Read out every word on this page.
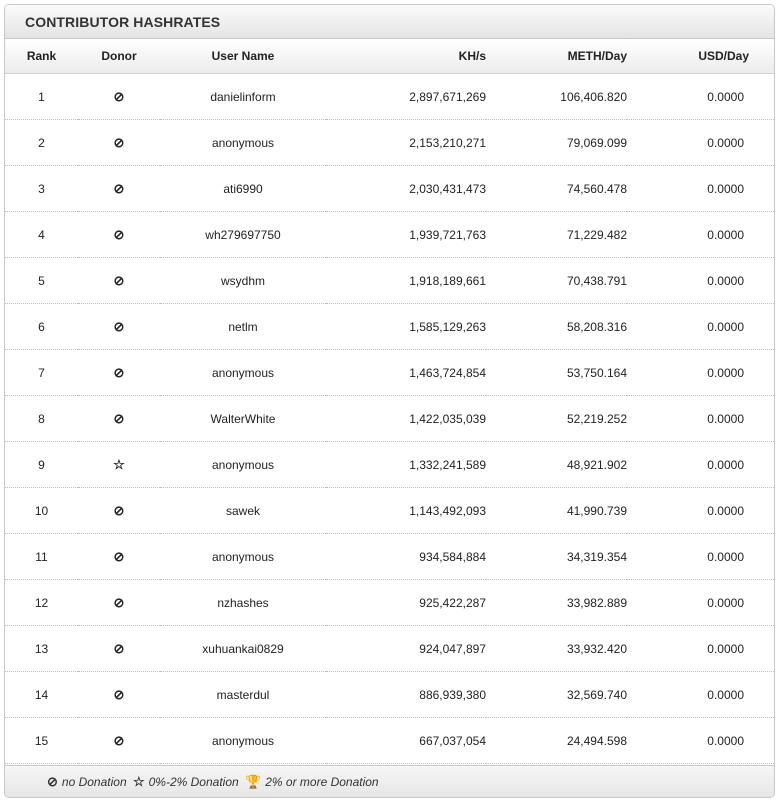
CONTRIBUTOR HASHRATES
Rank	Donor	User Name	KH/s	METH/Day	USD/Day
1	⊘	danielinform	2,897,671,269	106,406.820	0.0000
2	⊘	anonymous	2,153,210,271	79,069.099	0.0000
3	⊘	ati6990	2,030,431,473	74,560.478	0.0000
4	⊘	wh279697750	1,939,721,763	71,229.482	0.0000
5	⊘	wsydhm	1,918,189,661	70,438.791	0.0000
6	⊘	netlm	1,585,129,263	58,208.316	0.0000
7	⊘	anonymous	1,463,724,854	53,750.164	0.0000
8	⊘	WalterWhite	1,422,035,039	52,219.252	0.0000
9	☆	anonymous	1,332,241,589	48,921.902	0.0000
10	⊘	sawek	1,143,492,093	41,990.739	0.0000
11	⊘	anonymous	934,584,884	34,319.354	0.0000
12	⊘	nzhashes	925,422,287	33,982.889	0.0000
13	⊘	xuhuankai0829	924,047,897	33,932.420	0.0000
14	⊘	masterdul	886,939,380	32,569.740	0.0000
15	⊘	anonymous	667,037,054	24,494.598	0.0000
⊘ no Donation ☆ 0%-2% Donation 🏆 2% or more Donation
